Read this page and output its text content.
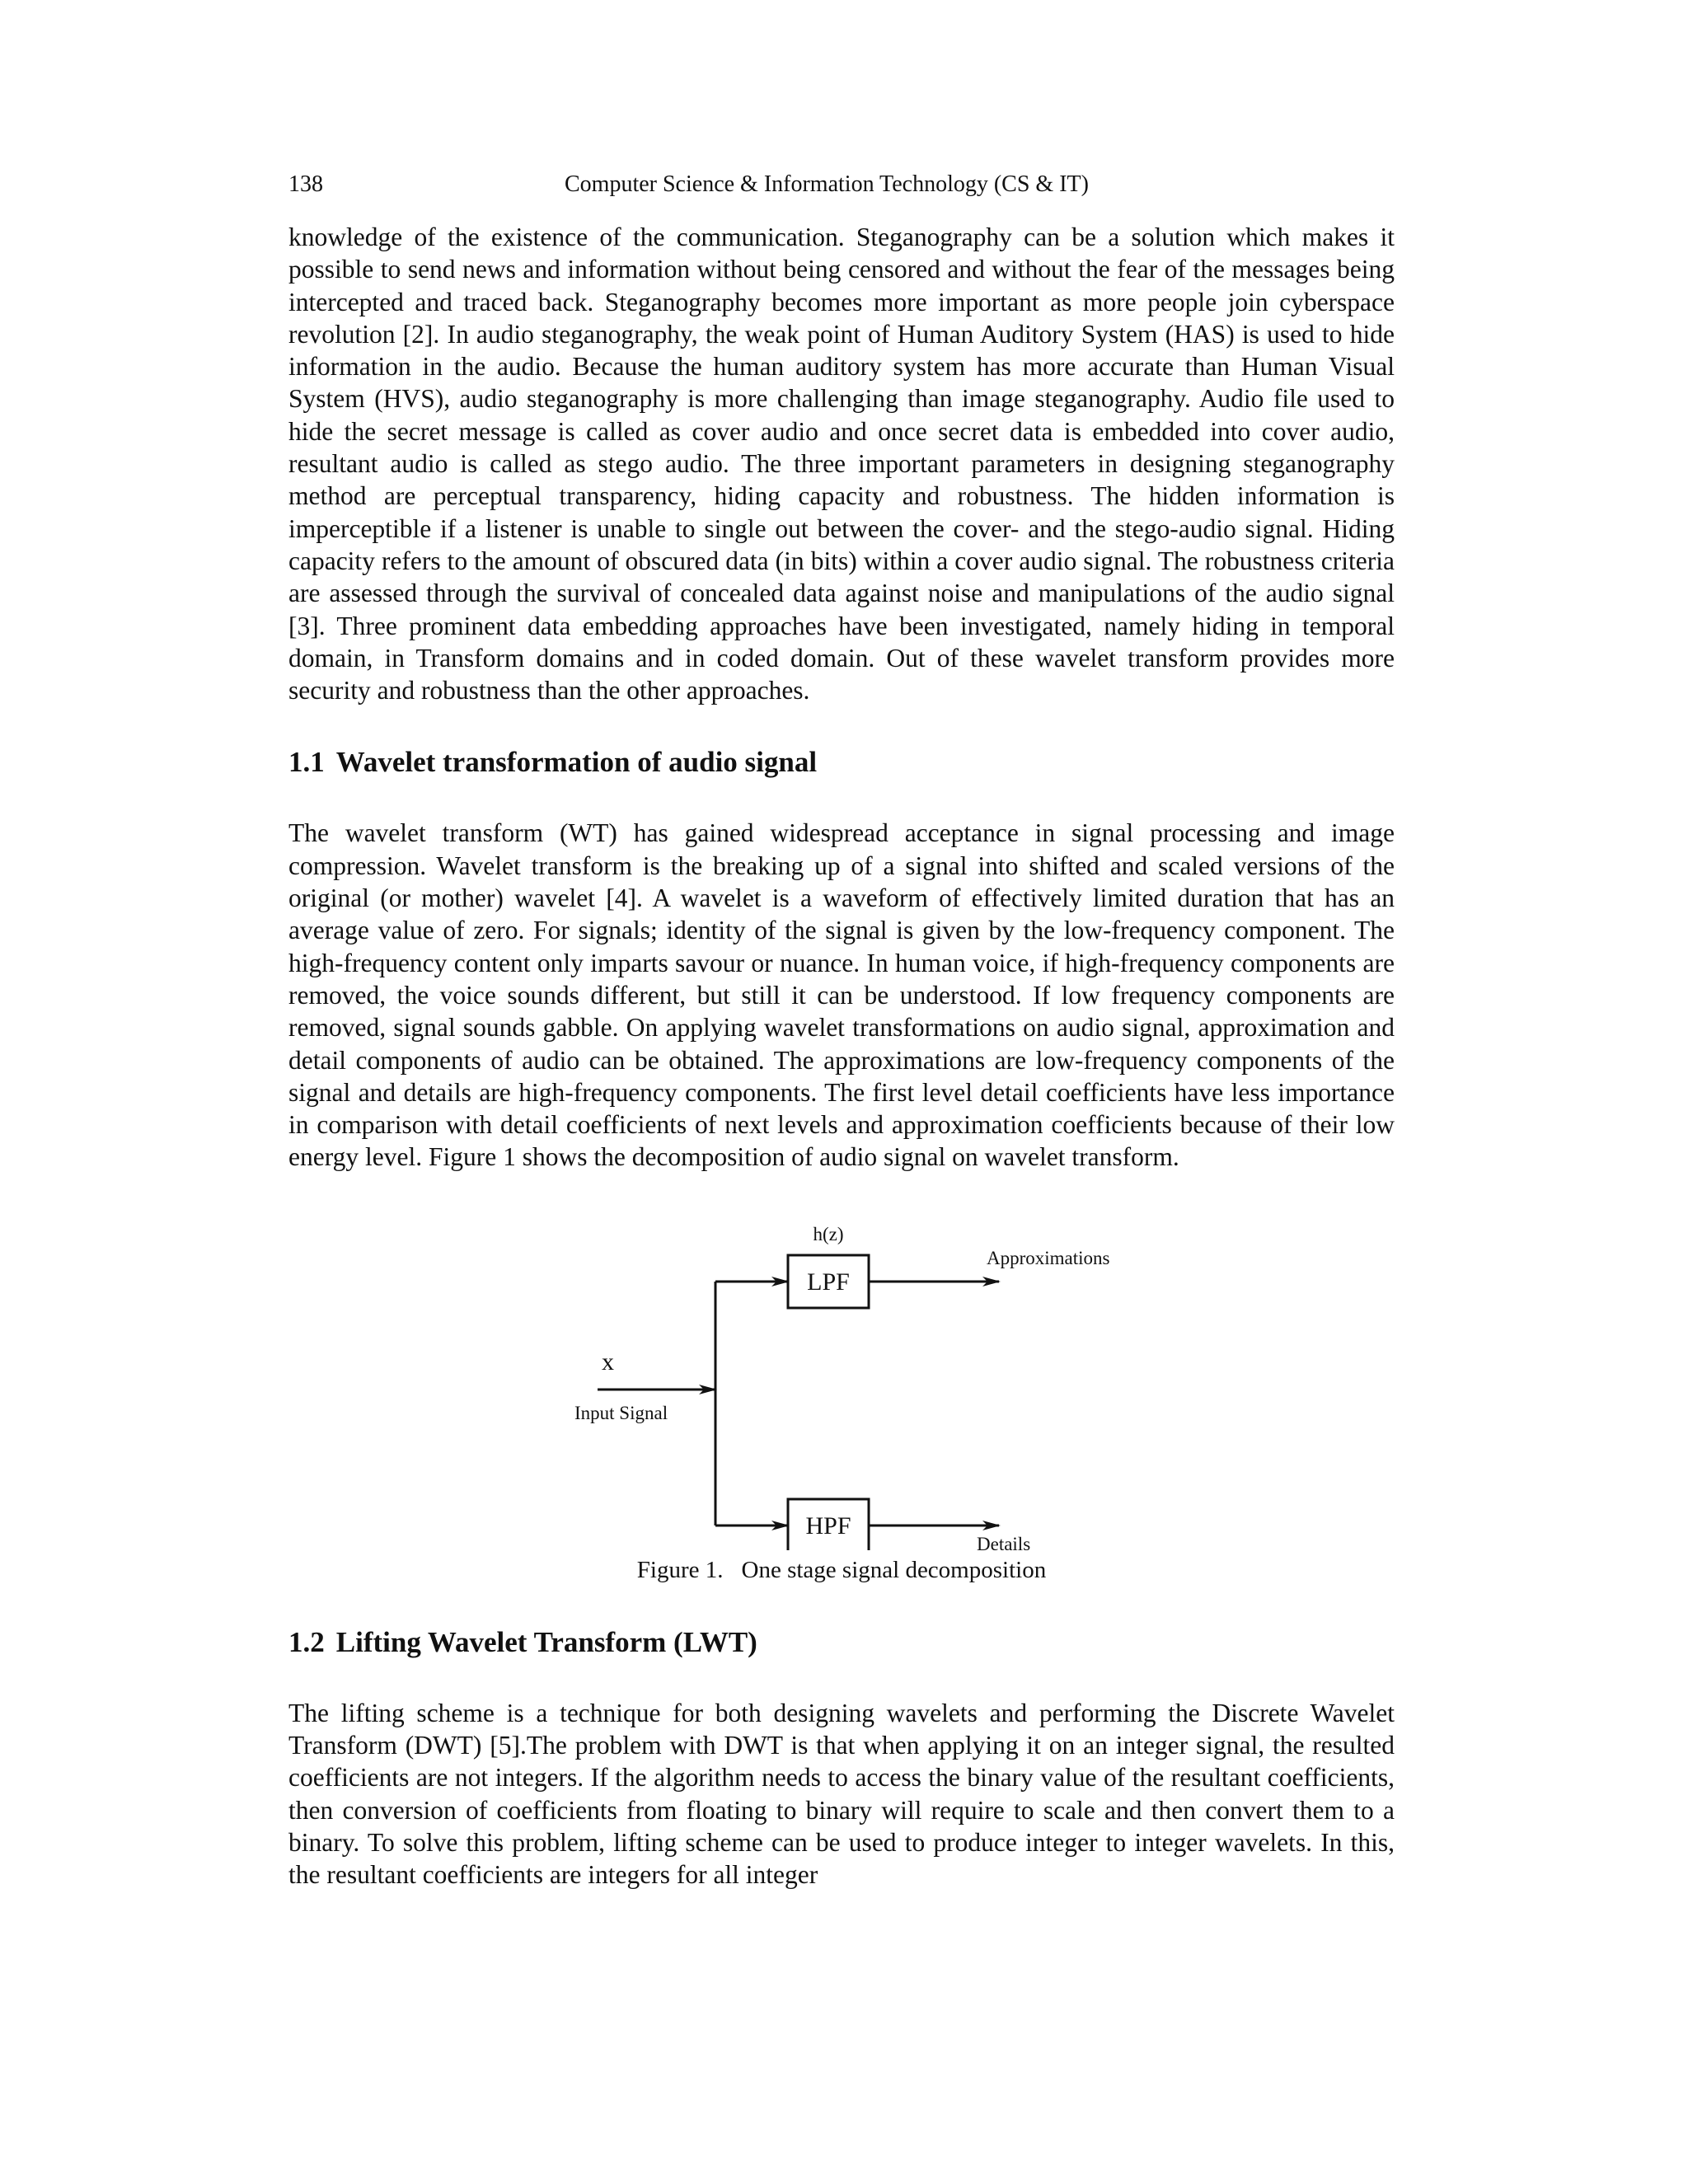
138	Computer Science & Information Technology (CS & IT)

knowledge of the existence of the communication. Steganography can be a solution which makes it possible to send news and information without being censored and without the fear of the messages being intercepted and traced back. Steganography becomes more important as more people join cyberspace revolution [2]. In audio steganography, the weak point of Human Auditory System (HAS) is used to hide information in the audio. Because the human auditory system has more accurate than Human Visual System (HVS), audio steganography is more challenging than image steganography. Audio file used to hide the secret message is called as cover audio and once secret data is embedded into cover audio, resultant audio is called as stego audio. The three important parameters in designing steganography method are perceptual transparency, hiding capacity and robustness. The hidden information is imperceptible if a listener is unable to single out between the cover- and the stego-audio signal. Hiding capacity refers to the amount of obscured data (in bits) within a cover audio signal. The robustness criteria are assessed through the survival of concealed data against noise and manipulations of the audio signal [3]. Three prominent data embedding approaches have been investigated, namely hiding in temporal domain, in Transform domains and in coded domain. Out of these wavelet transform provides more security and robustness than the other approaches.

1.1 Wavelet transformation of audio signal

The wavelet transform (WT) has gained widespread acceptance in signal processing and image compression. Wavelet transform is the breaking up of a signal into shifted and scaled versions of the original (or mother) wavelet [4]. A wavelet is a waveform of effectively limited duration that has an average value of zero. For signals; identity of the signal is given by the low-frequency component. The high-frequency content only imparts savour or nuance. In human voice, if high-frequency components are removed, the voice sounds different, but still it can be understood. If low frequency components are removed, signal sounds gabble. On applying wavelet transformations on audio signal, approximation and detail components of audio can be obtained. The approximations are low-frequency components of the signal and details are high-frequency components. The first level detail coefficients have less importance in comparison with detail coefficients of next levels and approximation coefficients because of their low energy level. Figure 1 shows the decomposition of audio signal on wavelet transform.

h(z)
LPF
HPF
Approximations
Details
x
Input Signal
Figure 1. One stage signal decomposition
1.2 Lifting Wavelet Transform (LWT)

The lifting scheme is a technique for both designing wavelets and performing the Discrete Wavelet Transform (DWT) [5].The problem with DWT is that when applying it on an integer signal, the resulted coefficients are not integers. If the algorithm needs to access the binary value of the resultant coefficients, then conversion of coefficients from floating to binary will require to scale and then convert them to a binary. To solve this problem, lifting scheme can be used to produce integer to integer wavelets. In this, the resultant coefficients are integers for all integer
